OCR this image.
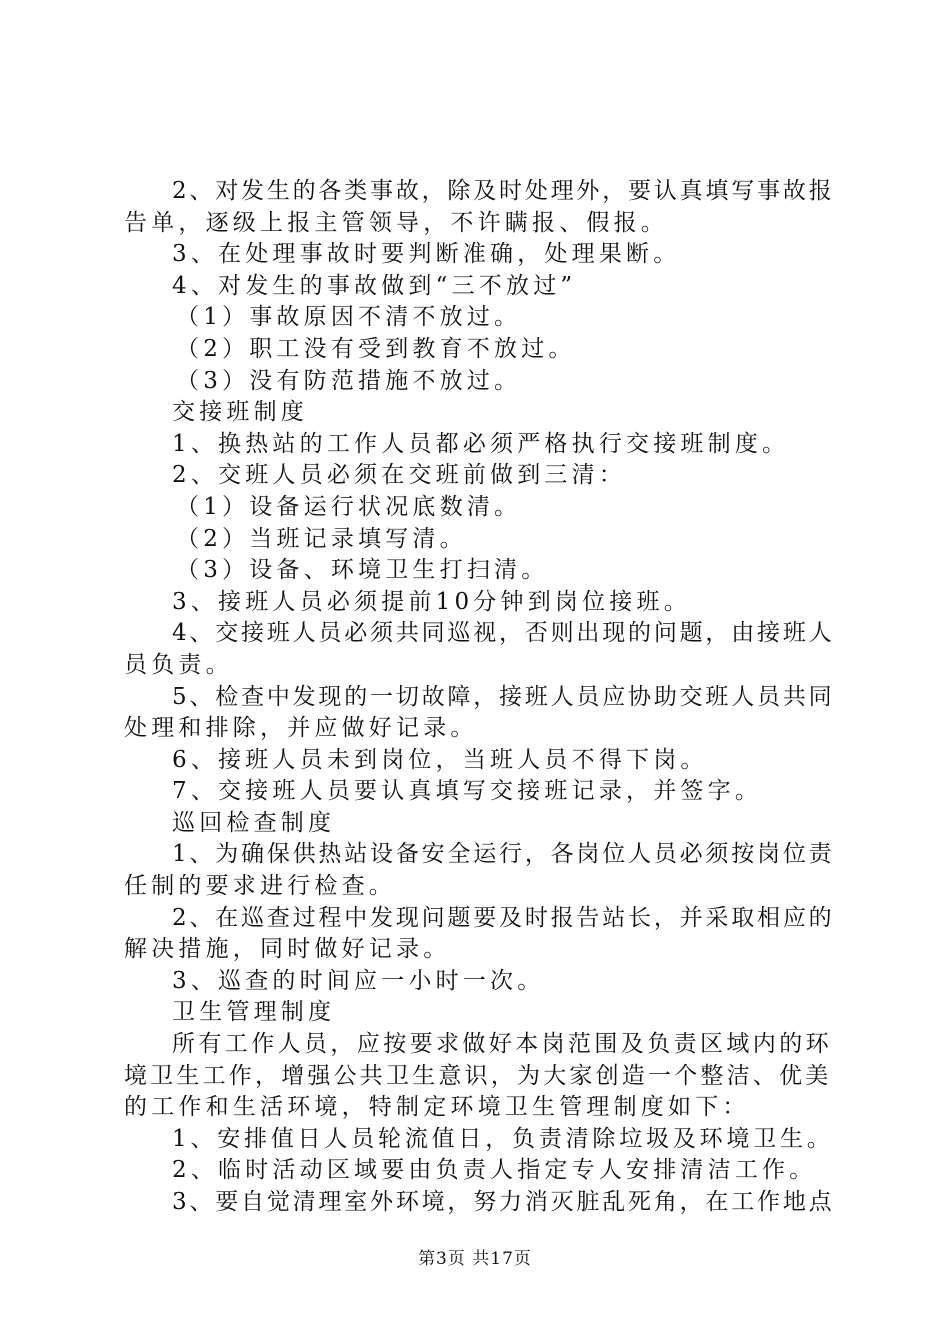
2、对发生的各类事故，除及时处理外，要认真填写事故报
告单，逐级上报主管领导，不许瞒报、假报。
3、在处理事故时要判断准确，处理果断。
4、对发生的事故做到“三不放过”
（1）事故原因不清不放过。
（2）职工没有受到教育不放过。
（3）没有防范措施不放过。
交接班制度
1、换热站的工作人员都必须严格执行交接班制度。
2、交班人员必须在交班前做到三清：
（1）设备运行状况底数清。
（2）当班记录填写清。
（3）设备、环境卫生打扫清。
3、接班人员必须提前10分钟到岗位接班。
4、交接班人员必须共同巡视，否则出现的问题，由接班人
员负责。
5、检查中发现的一切故障，接班人员应协助交班人员共同
处理和排除，并应做好记录。
6、接班人员未到岗位，当班人员不得下岗。
7、交接班人员要认真填写交接班记录，并签字。
巡回检查制度
1、为确保供热站设备安全运行，各岗位人员必须按岗位责
任制的要求进行检查。
2、在巡查过程中发现问题要及时报告站长，并采取相应的
解决措施，同时做好记录。
3、巡查的时间应一小时一次。
卫生管理制度
所有工作人员，应按要求做好本岗范围及负责区域内的环
境卫生工作，增强公共卫生意识，为大家创造一个整洁、优美
的工作和生活环境，特制定环境卫生管理制度如下：
1、安排值日人员轮流值日，负责清除垃圾及环境卫生。
2、临时活动区域要由负责人指定专人安排清洁工作。
3、要自觉清理室外环境，努力消灭脏乱死角，在工作地点
第3页 共17页
